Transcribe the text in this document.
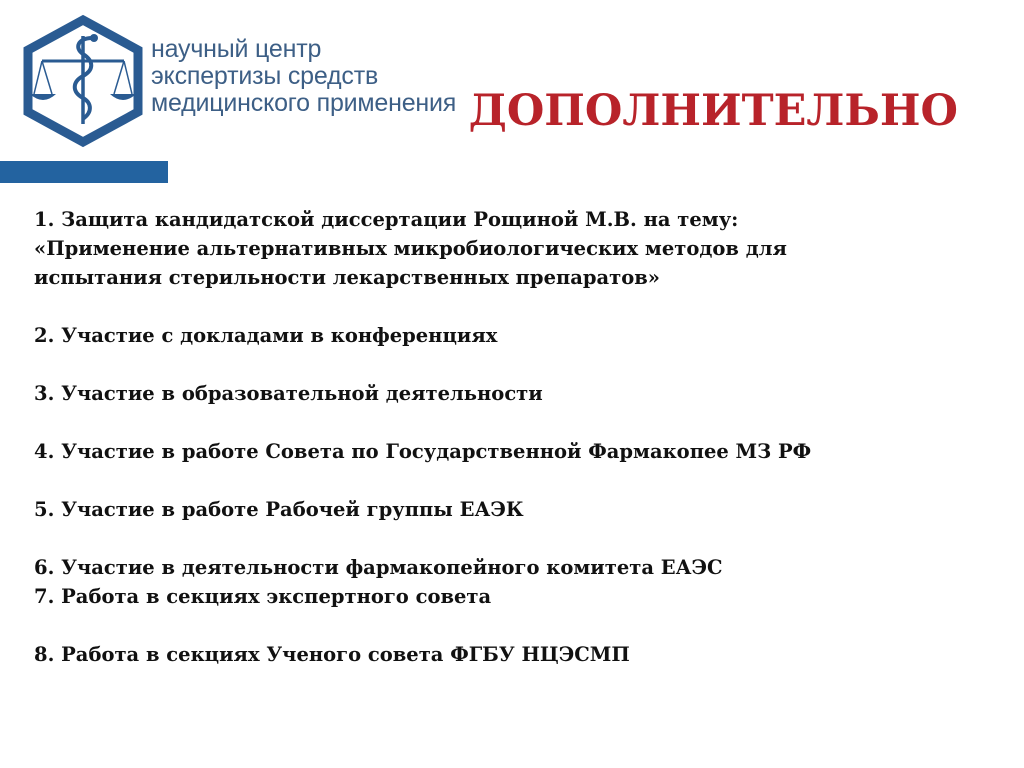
научный центр
экспертизы средств
медицинского применения ДОПОЛНИТЕЛЬНО

1. Защита кандидатской диссертации Рощиной М.В. на тему:
«Применение альтернативных микробиологических методов для
испытания стерильности лекарственных препаратов»

2. Участие с докладами в конференциях

3. Участие в образовательной деятельности

4. Участие в работе Совета по Государственной Фармакопее МЗ РФ

5. Участие в работе Рабочей группы ЕАЭК

6. Участие в деятельности фармакопейного комитета ЕАЭС

7. Работа в секциях экспертного совета

8. Работа в секциях Ученого совета ФГБУ НЦЭСМП
